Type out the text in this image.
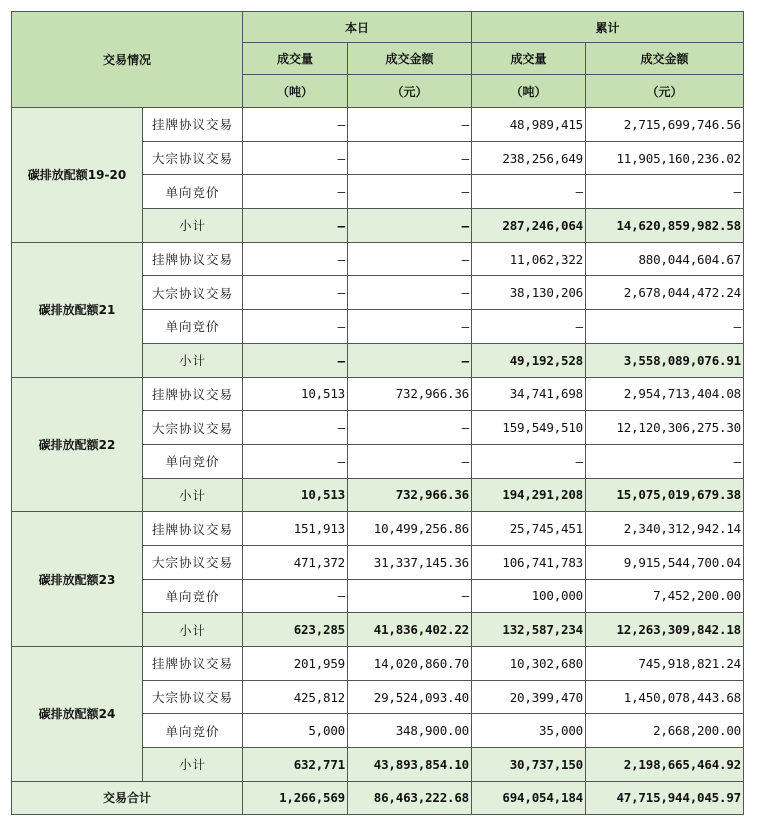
交易情况		本日		累计	
		成交量	成交金额	成交量	成交金额
		（吨）	（元）	（吨）	（元）
碳排放配额19-20	挂牌协议交易	–	–	48,989,415	2,715,699,746.56
	大宗协议交易	–	–	238,256,649	11,905,160,236.02
	单向竞价	–	–	–	–
	小计	–	–	287,246,064	14,620,859,982.58
碳排放配额21	挂牌协议交易	–	–	11,062,322	880,044,604.67
	大宗协议交易	–	–	38,130,206	2,678,044,472.24
	单向竞价	–	–	–	–
	小计	–	–	49,192,528	3,558,089,076.91
碳排放配额22	挂牌协议交易	10,513	732,966.36	34,741,698	2,954,713,404.08
	大宗协议交易	–	–	159,549,510	12,120,306,275.30
	单向竞价	–	–	–	–
	小计	10,513	732,966.36	194,291,208	15,075,019,679.38
碳排放配额23	挂牌协议交易	151,913	10,499,256.86	25,745,451	2,340,312,942.14
	大宗协议交易	471,372	31,337,145.36	106,741,783	9,915,544,700.04
	单向竞价	–	–	100,000	7,452,200.00
	小计	623,285	41,836,402.22	132,587,234	12,263,309,842.18
碳排放配额24	挂牌协议交易	201,959	14,020,860.70	10,302,680	745,918,821.24
	大宗协议交易	425,812	29,524,093.40	20,399,470	1,450,078,443.68
	单向竞价	5,000	348,900.00	35,000	2,668,200.00
	小计	632,771	43,893,854.10	30,737,150	2,198,665,464.92
交易合计		1,266,569	86,463,222.68	694,054,184	47,715,944,045.97
